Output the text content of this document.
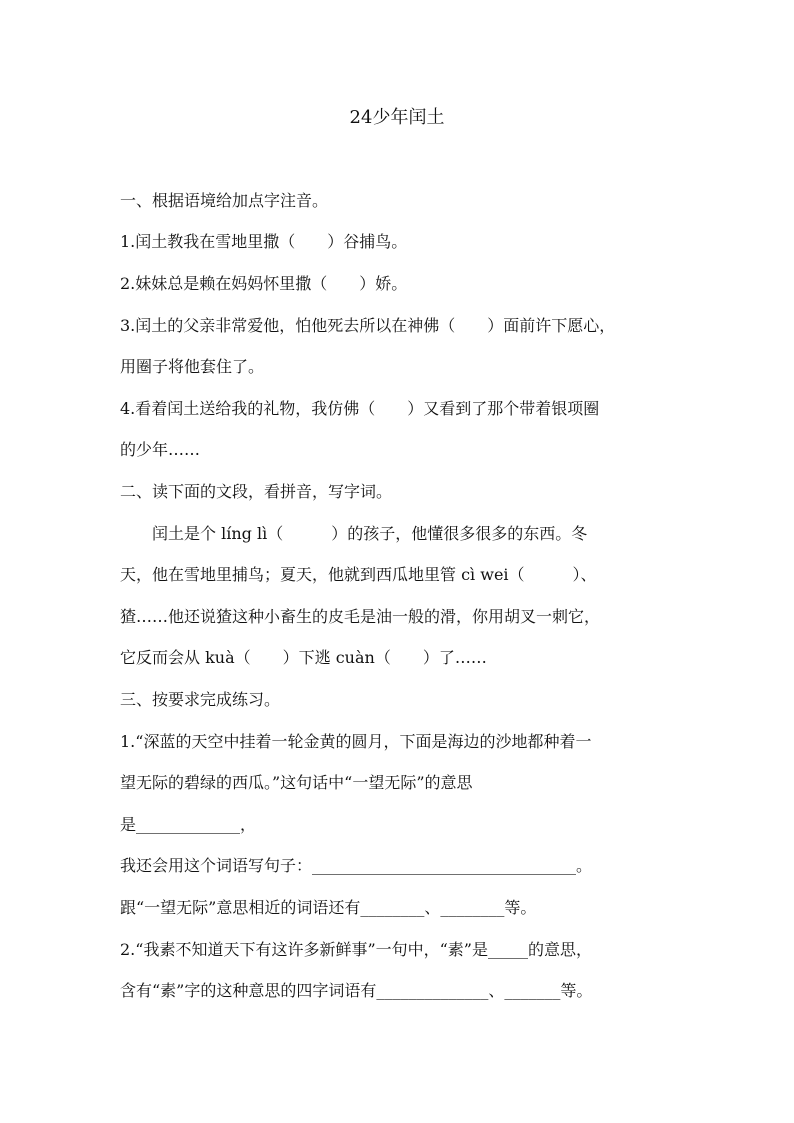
24少年闰土
一、根据语境给加点字注音。
1.闰土教我在雪地里撒（　　）谷捕鸟。
2.妹妹总是赖在妈妈怀里撒（　　）娇。
3.闰土的父亲非常爱他，怕他死去所以在神佛（　　）面前许下愿心，
用圈子将他套住了。
4.看着闰土送给我的礼物，我仿佛（　　）又看到了那个带着银项圈
的少年……
二、读下面的文段，看拼音，写字词。
　　闰土是个 líng lì（　　　）的孩子，他懂很多很多的东西。冬
天，他在雪地里捕鸟；夏天，他就到西瓜地里管 cì wei（　　　）、
猹……他还说猹这种小畜生的皮毛是油一般的滑，你用胡叉一刺它，
它反而会从 kuà（　　）下逃 cuàn（　　）了……
三、按要求完成练习。
1.“深蓝的天空中挂着一轮金黄的圆月，下面是海边的沙地都种着一
望无际的碧绿的西瓜。”这句话中“一望无际”的意思
是_____________，
我还会用这个词语写句子：_________________________________。
跟“一望无际”意思相近的词语还有________、________等。
2.“我素不知道天下有这许多新鲜事”一句中，“素”是_____的意思，
含有“素”字的这种意思的四字词语有______________、_______等。
